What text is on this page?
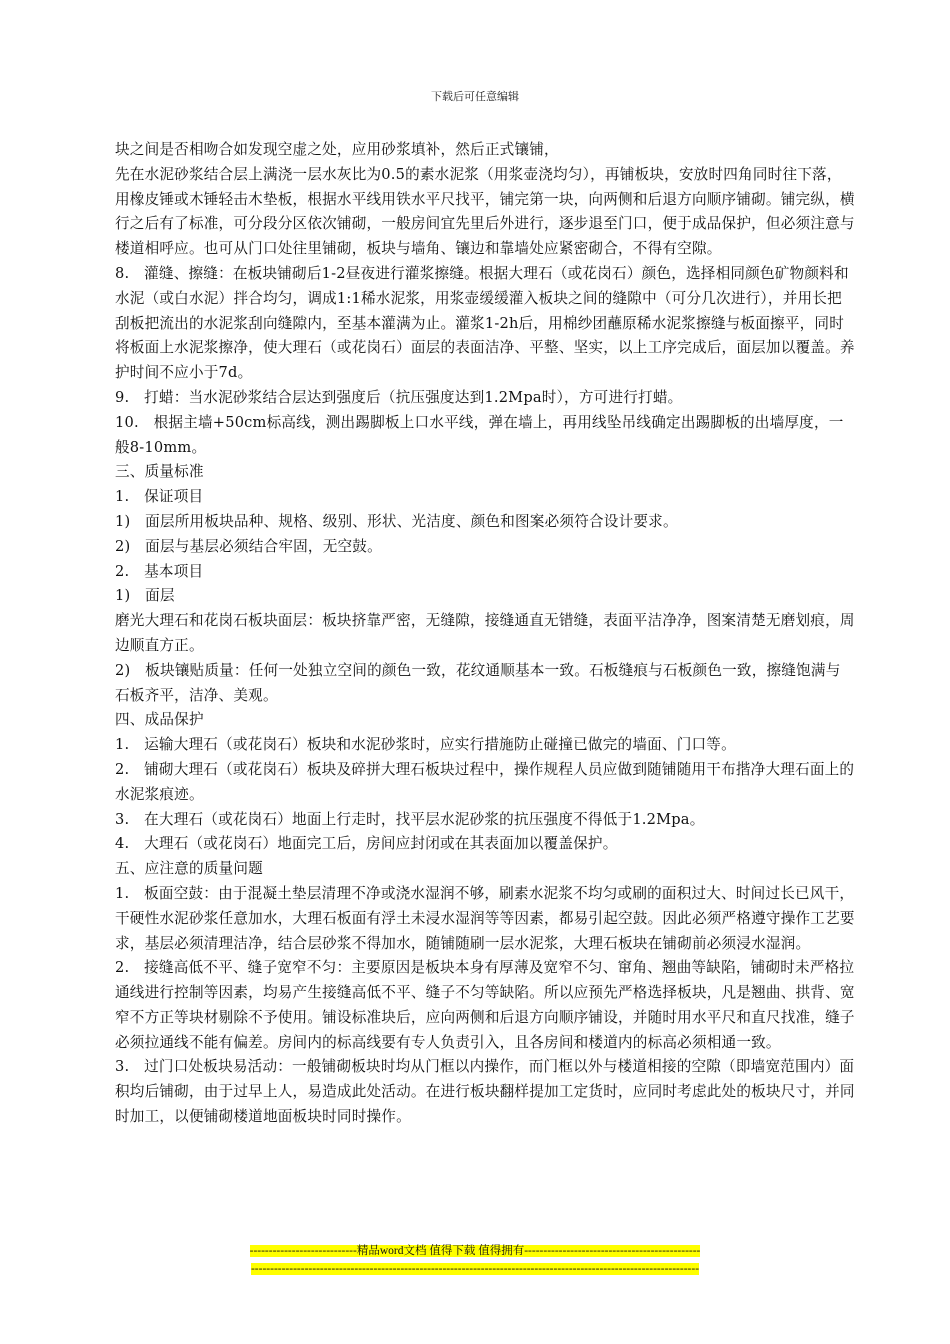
下载后可任意编辑

块之间是否相吻合如发现空虚之处，应用砂浆填补，然后正式镶铺，

先在水泥砂浆结合层上满浇一层水灰比为0.5的素水泥浆（用浆壶浇均匀），再铺板块，安放时四角同时往下落，用橡皮锤或木锤轻击木垫板，根据水平线用铁水平尺找平，铺完第一块，向两侧和后退方向顺序铺砌。铺完纵，横行之后有了标准，可分段分区依次铺砌，一般房间宜先里后外进行，逐步退至门口，便于成品保护，但必须注意与楼道相呼应。也可从门口处往里铺砌，板块与墙角、镶边和靠墙处应紧密砌合，不得有空隙。

8.　灌缝、擦缝：在板块铺砌后1-2昼夜进行灌浆擦缝。根据大理石（或花岗石）颜色，选择相同颜色矿物颜料和水泥（或白水泥）拌合均匀，调成1:1稀水泥浆，用浆壶缓缓灌入板块之间的缝隙中（可分几次进行），并用长把刮板把流出的水泥浆刮向缝隙内，至基本灌满为止。灌浆1-2h后，用棉纱团蘸原稀水泥浆擦缝与板面擦平，同时将板面上水泥浆擦净，使大理石（或花岗石）面层的表面洁净、平整、坚实，以上工序完成后，面层加以覆盖。养护时间不应小于7d。

9.　打蜡：当水泥砂浆结合层达到强度后（抗压强度达到1.2Mpa时），方可进行打蜡。

10.　根据主墙+50cm标高线，测出踢脚板上口水平线，弹在墙上，再用线坠吊线确定出踢脚板的出墙厚度，一般8-10mm。

三、质量标准

1.　保证项目

1)　面层所用板块品种、规格、级别、形状、光洁度、颜色和图案必须符合设计要求。

2)　面层与基层必须结合牢固，无空鼓。

2.　基本项目

1)　面层

磨光大理石和花岗石板块面层：板块挤靠严密，无缝隙，接缝通直无错缝，表面平洁净净，图案清楚无磨划痕，周边顺直方正。

2)　板块镶贴质量：任何一处独立空间的颜色一致，花纹通顺基本一致。石板缝痕与石板颜色一致，擦缝饱满与石板齐平，洁净、美观。

四、成品保护

1.　运输大理石（或花岗石）板块和水泥砂浆时，应实行措施防止碰撞已做完的墙面、门口等。

2.　铺砌大理石（或花岗石）板块及碎拼大理石板块过程中，操作规程人员应做到随铺随用干布揩净大理石面上的水泥浆痕迹。

3.　在大理石（或花岗石）地面上行走时，找平层水泥砂浆的抗压强度不得低于1.2Mpa。

4.　大理石（或花岗石）地面完工后，房间应封闭或在其表面加以覆盖保护。

五、应注意的质量问题

1.　板面空鼓：由于混凝土垫层清理不净或浇水湿润不够，刷素水泥浆不均匀或刷的面积过大、时间过长已风干，干硬性水泥砂浆任意加水，大理石板面有浮土未浸水湿润等等因素，都易引起空鼓。因此必须严格遵守操作工艺要求，基层必须清理洁净，结合层砂浆不得加水，随铺随刷一层水泥浆，大理石板块在铺砌前必须浸水湿润。

2.　接缝高低不平、缝子宽窄不匀：主要原因是板块本身有厚薄及宽窄不匀、窜角、翘曲等缺陷，铺砌时未严格拉通线进行控制等因素，均易产生接缝高低不平、缝子不匀等缺陷。所以应预先严格选择板块，凡是翘曲、拱背、宽窄不方正等块材剔除不予使用。铺设标准块后，应向两侧和后退方向顺序铺设，并随时用水平尺和直尺找准，缝子必须拉通线不能有偏差。房间内的标高线要有专人负责引入，且各房间和楼道内的标高必须相通一致。

3.　过门口处板块易活动：一般铺砌板块时均从门框以内操作，而门框以外与楼道相接的空隙（即墙宽范围内）面积均后铺砌，由于过早上人，易造成此处活动。在进行板块翻样提加工定货时，应同时考虑此处的板块尺寸，并同时加工，以便铺砌楼道地面板块时同时操作。

----------------------------精品word文档 值得下载 值得拥有----------------------------------------------
---------------------------------------------------------------------------------------------------------------------
